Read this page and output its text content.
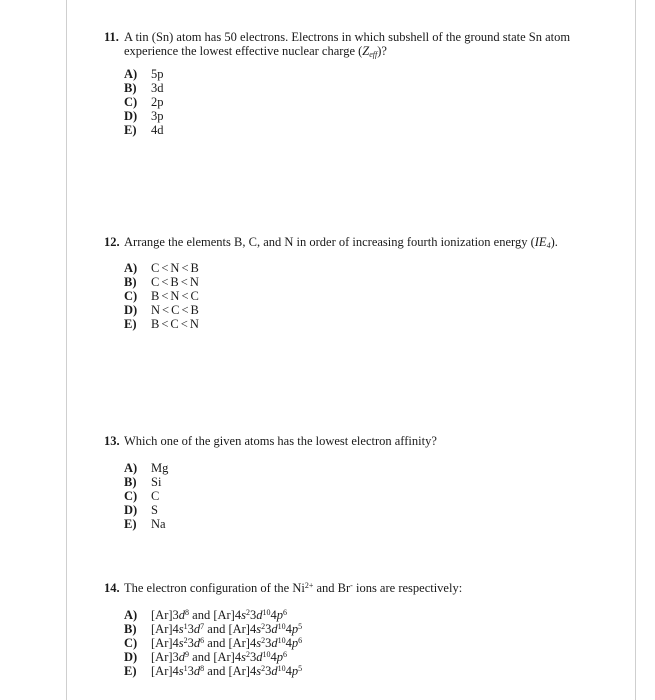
11. A tin (Sn) atom has 50 electrons. Electrons in which subshell of the ground state Sn atom experience the lowest effective nuclear charge $(Z_{eff})$?
A) 5p
B) 3d
C) 2p
D) 3p
E) 4d
12. Arrange the elements B, C, and N in order of increasing fourth ionization energy $(IE_4)$.
A) C < N < B
B) C < B < N
C) B < N < C
D) N < C < B
E) B < C < N
13. Which one of the given atoms has the lowest electron affinity?
A) Mg
B) Si
C) C
D) S
E) Na
14. The electron configuration of the $Ni^{2+}$ and Br- ions are respectively:
A) $[Ar]3d^8$ and $[Ar]4s^23d^{10}4p^6$
B) $[Ar]4s^13d^7$ and $[Ar]4s^23d^{10}4p^5$
C) $[Ar]4s^23d^6$ and $[Ar]4s^23d^{10}4p^6$
D) $[Ar]3d^9$ and $[Ar]4s^23d^{10}4p^6$
E) $[Ar]4s^13d^8$ and $[Ar]4s^23d^{10}4p^5$
